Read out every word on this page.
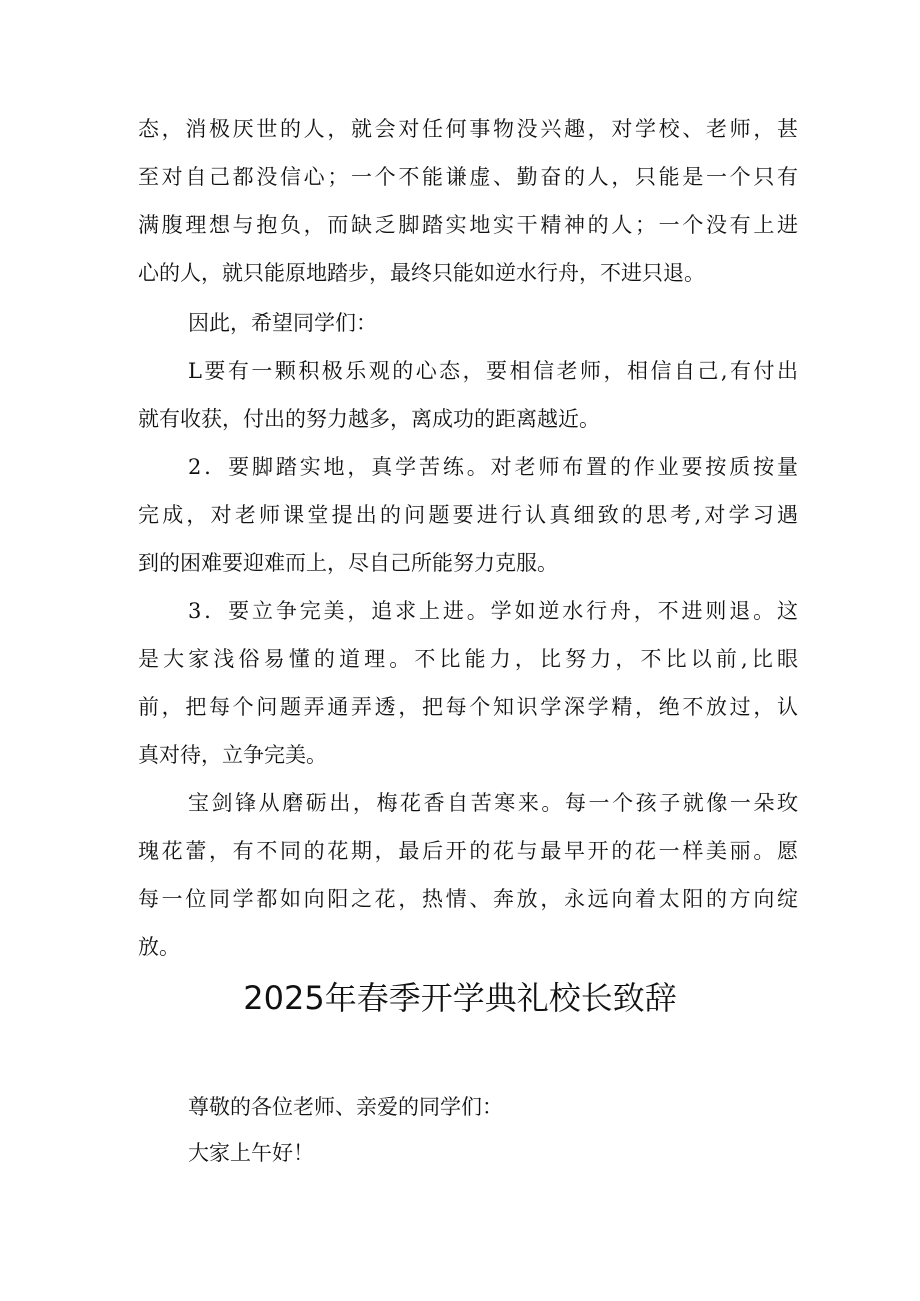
态，消极厌世的人，就会对任何事物没兴趣，对学校、老师，甚
至对自己都没信心；一个不能谦虚、勤奋的人，只能是一个只有
满腹理想与抱负，而缺乏脚踏实地实干精神的人；一个没有上进
心的人，就只能原地踏步，最终只能如逆水行舟，不进只退。
因此，希望同学们：
L要有一颗积极乐观的心态，要相信老师，相信自己,有付出
就有收获，付出的努力越多，离成功的距离越近。
2．要脚踏实地，真学苦练。对老师布置的作业要按质按量
完成，对老师课堂提出的问题要进行认真细致的思考,对学习遇
到的困难要迎难而上，尽自己所能努力克服。
3．要立争完美，追求上进。学如逆水行舟，不进则退。这
是大家浅俗易懂的道理。不比能力，比努力，不比以前,比眼
前，把每个问题弄通弄透，把每个知识学深学精，绝不放过，认
真对待，立争完美。
宝剑锋从磨砺出，梅花香自苦寒来。每一个孩子就像一朵玫
瑰花蕾，有不同的花期，最后开的花与最早开的花一样美丽。愿
每一位同学都如向阳之花，热情、奔放，永远向着太阳的方向绽
放。
2025年春季开学典礼校长致辞
尊敬的各位老师、亲爱的同学们：
大家上午好！
